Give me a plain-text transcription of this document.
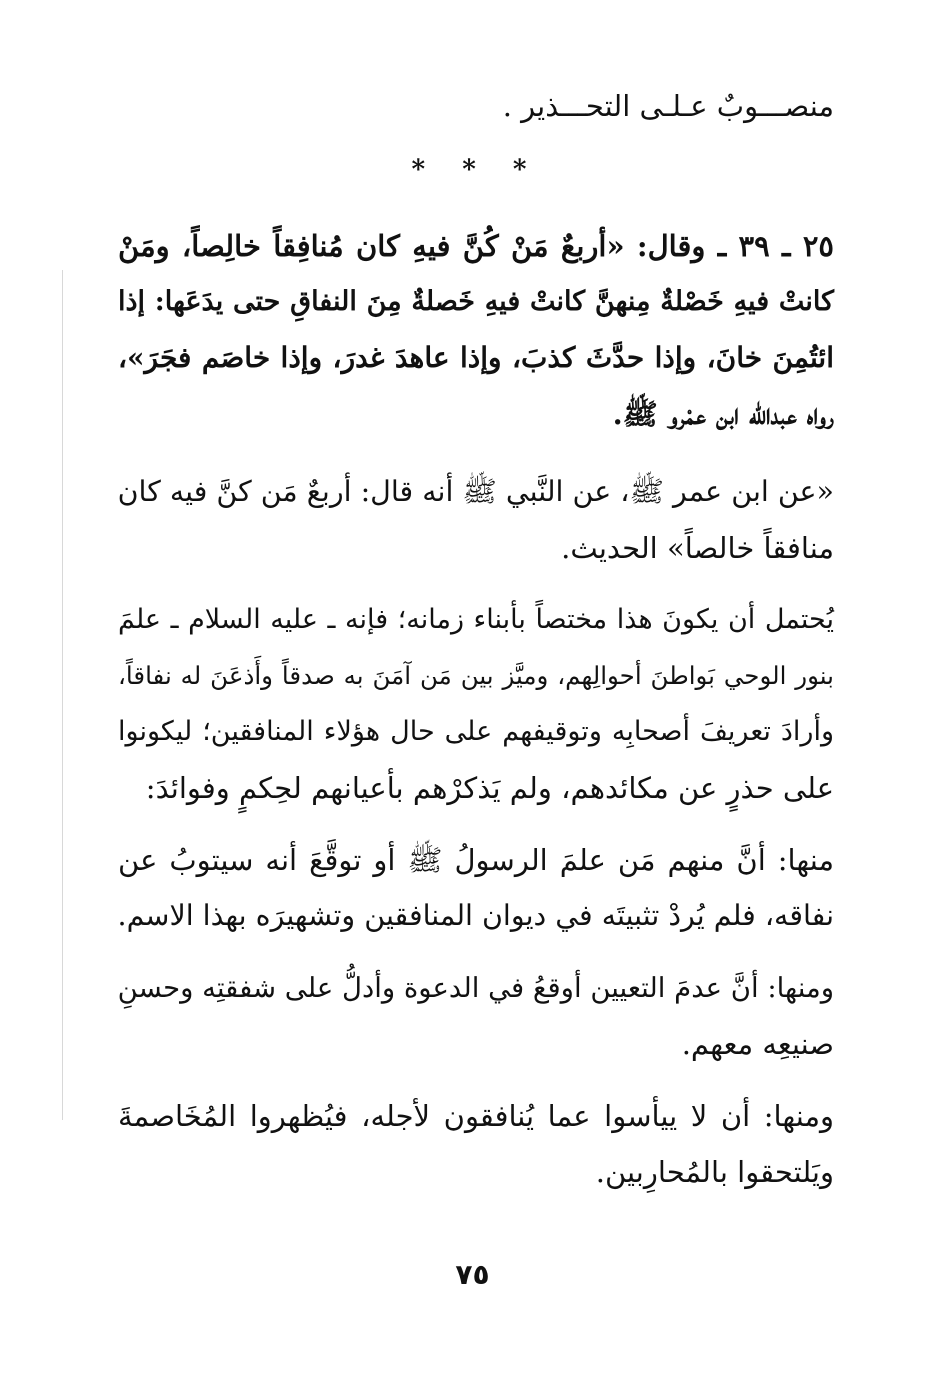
منصـــوبٌ عـلـى التحـــذير .
* * *
٢٥ ـ ٣٩ ـ وقال: «أربعٌ مَنْ كُنَّ فيهِ كان مُنافِقاً خالِصاً، ومَنْ
كانتْ فيهِ خَصْلةٌ مِنهنَّ كانتْ فيهِ خَصلةٌ مِنَ النفاقِ حتى يدَعَها: إذا
ائتُمِنَ خانَ، وإذا حدَّثَ كذبَ، وإذا عاهدَ غدرَ، وإذا خاصَم فجَرَ»،
رواه عبدالله ابن عمْرو ﷺ.
«عن ابن عمر ﷺ، عن النَّبي ﷺ أنه قال: أربعٌ مَن كنَّ فيه كان
منافقاً خالصاً» الحديث.
يُحتمل أن يكونَ هذا مختصاً بأبناء زمانه؛ فإنه ـ عليه السلام ـ علمَ
بنور الوحي بَواطنَ أحوالِهم، وميَّز بين مَن آمَنَ به صدقاً وأَذعَنَ له نفاقاً،
وأرادَ تعريفَ أصحابِه وتوقيفهم على حال هؤلاء المنافقين؛ ليكونوا
على حذرٍ عن مكائدهم، ولم يَذكرْهم بأعيانهم لحِكمٍ وفوائدَ:
منها: أنَّ منهم مَن علمَ الرسولُ ﷺ أو توقَّعَ أنه سيتوبُ عن
نفاقه، فلم يُردْ تثبيتَه في ديوان المنافقين وتشهيرَه بهذا الاسم.
ومنها: أنَّ عدمَ التعيين أوقعُ في الدعوة وأدلُّ على شفقتِه وحسنِ
صنيعِه معهم.
ومنها: أن لا ييأسوا عما يُنافقون لأجله، فيُظهروا المُخَاصمةَ
ويَلتحقوا بالمُحارِبين.
٧٥
